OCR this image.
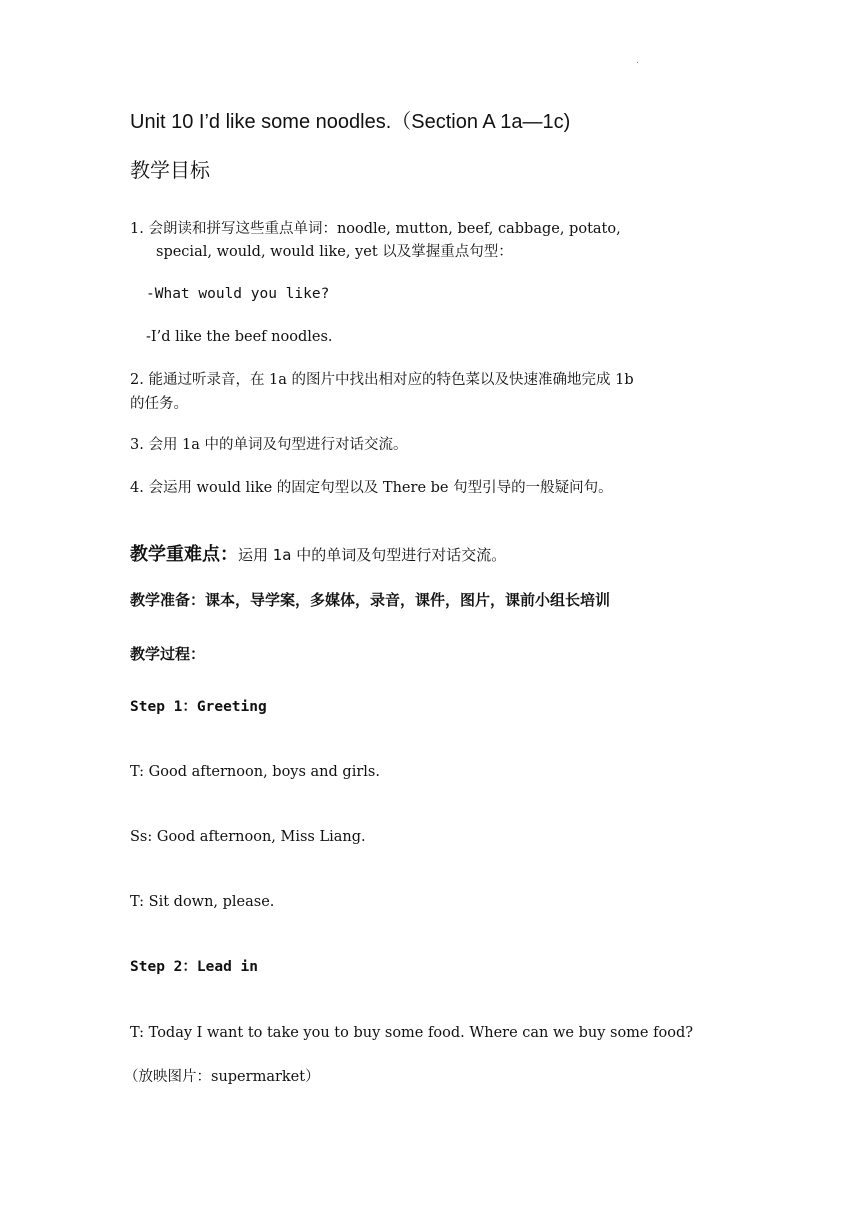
.
Unit 10 I’d like some noodles.（Section A 1a—1c)
教学目标
1. 会朗读和拼写这些重点单词：noodle, mutton, beef, cabbage, potato,
special, would, would like, yet 以及掌握重点句型：
-What would you like?
-I’d like the beef noodles.
2. 能通过听录音，在 1a 的图片中找出相对应的特色菜以及快速准确地完成 1b
的任务。
3. 会用 1a 中的单词及句型进行对话交流。
4. 会运用 would like 的固定句型以及 There be 句型引导的一般疑问句。
教学重难点：运用 1a 中的单词及句型进行对话交流。
教学准备：课本，导学案，多媒体，录音，课件，图片，课前小组长培训
教学过程：
Step 1：Greeting
T: Good afternoon, boys and girls.
Ss: Good afternoon, Miss Liang.
T: Sit down, please.
Step 2：Lead in
T: Today I want to take you to buy some food. Where can we buy some food?
（放映图片：supermarket）
